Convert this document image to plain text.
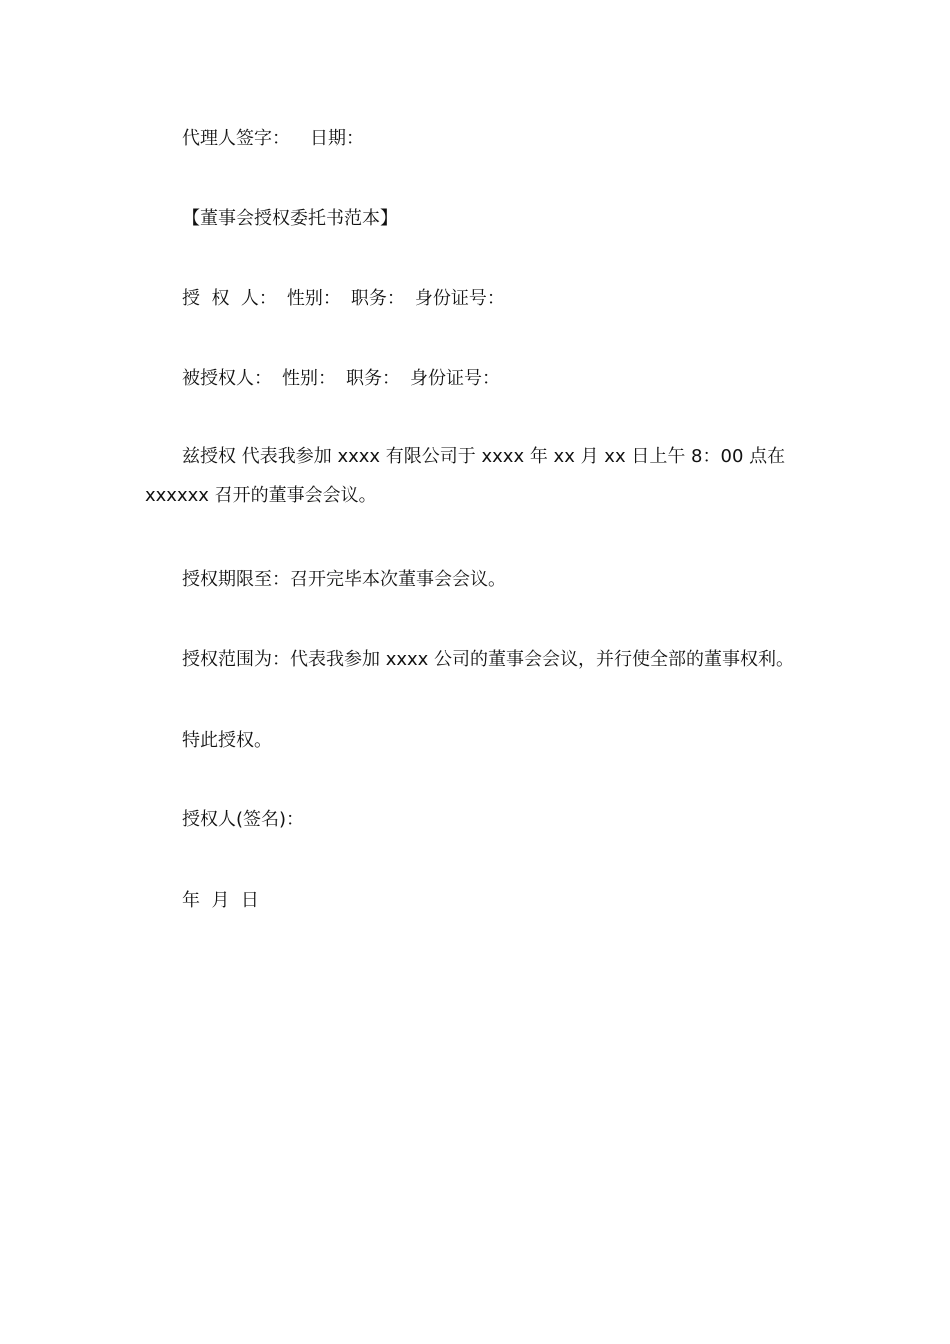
代理人签字： 日期：
【董事会授权委托书范本】
授  权  人： 性别： 职务： 身份证号：
被授权人： 性别： 职务： 身份证号：
兹授权 代表我参加 xxxx 有限公司于 xxxx 年 xx 月 xx 日上午 8：00 点在
xxxxxx 召开的董事会会议。
授权期限至：召开完毕本次董事会会议。
授权范围为：代表我参加 xxxx 公司的董事会会议，并行使全部的董事权利。
特此授权。
授权人(签名)：
年  月  日
